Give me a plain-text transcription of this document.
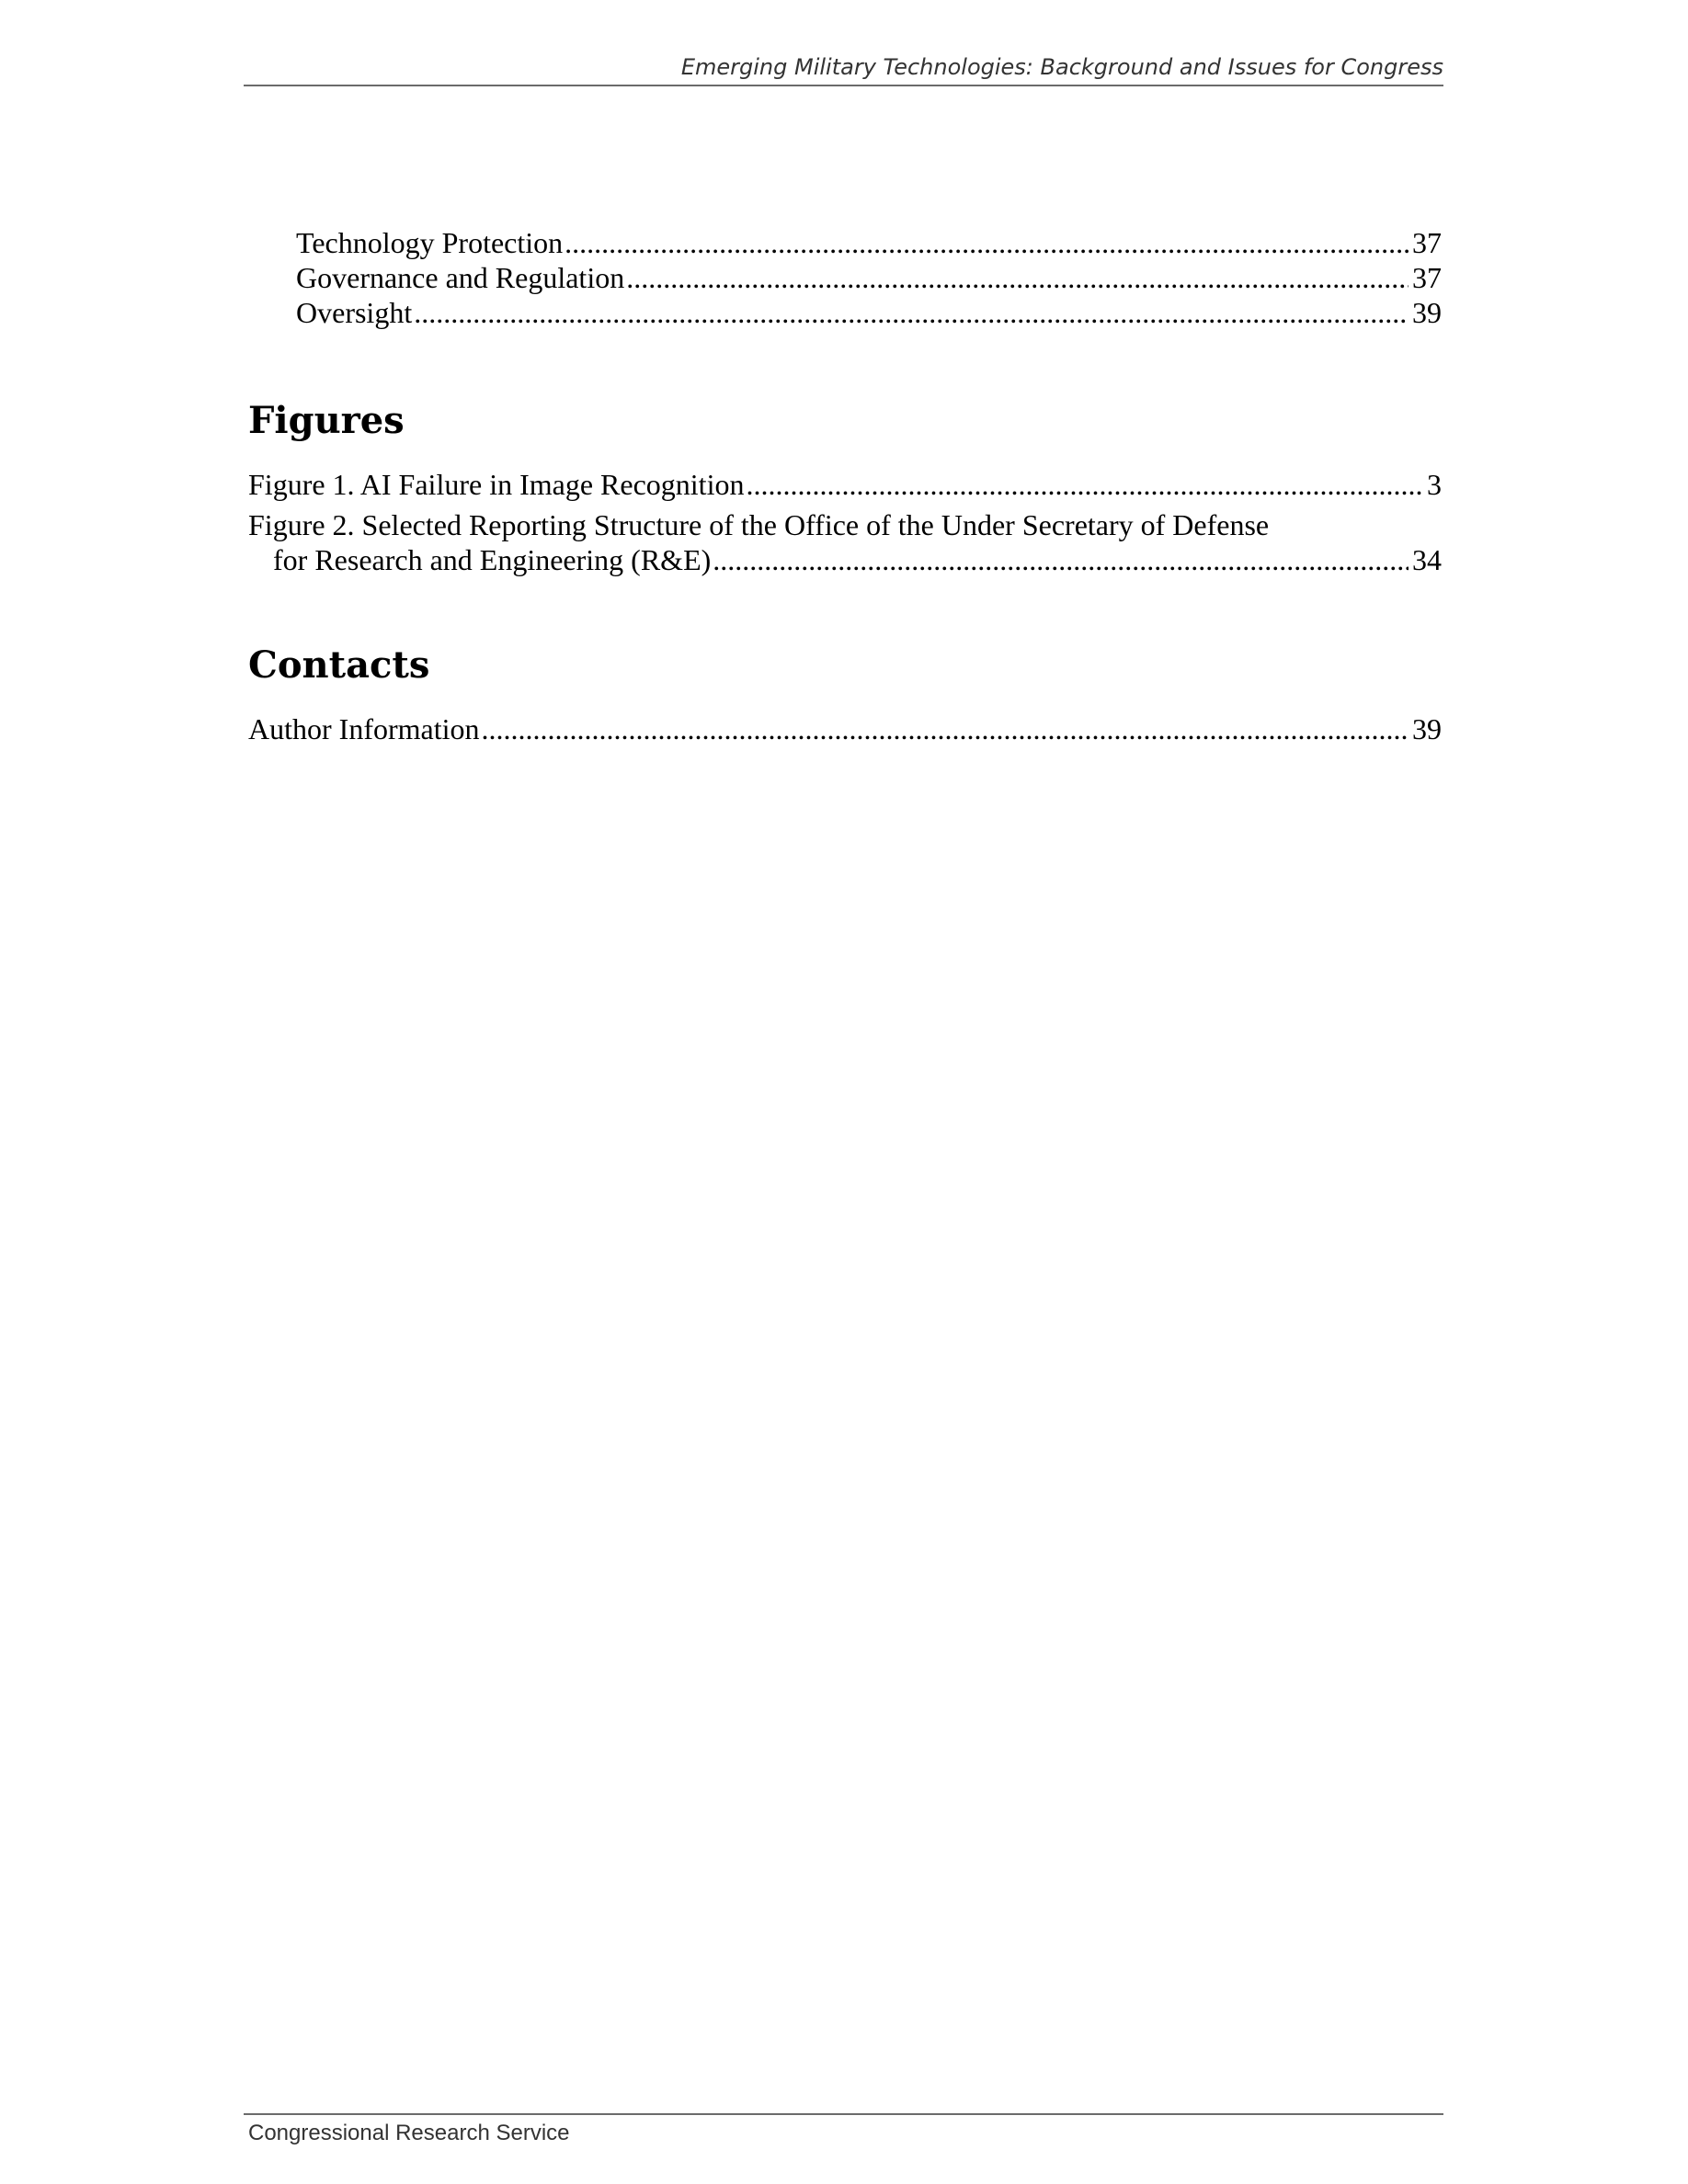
Emerging Military Technologies: Background and Issues for Congress
Technology Protection .....	37
Governance and Regulation .....	37
Oversight .....	39
Figures
Figure 1. AI Failure in Image Recognition .....	3
Figure 2. Selected Reporting Structure of the Office of the Under Secretary of Defense
for Research and Engineering (R&E) .....	34
Contacts
Author Information .....	39
Congressional Research Service
